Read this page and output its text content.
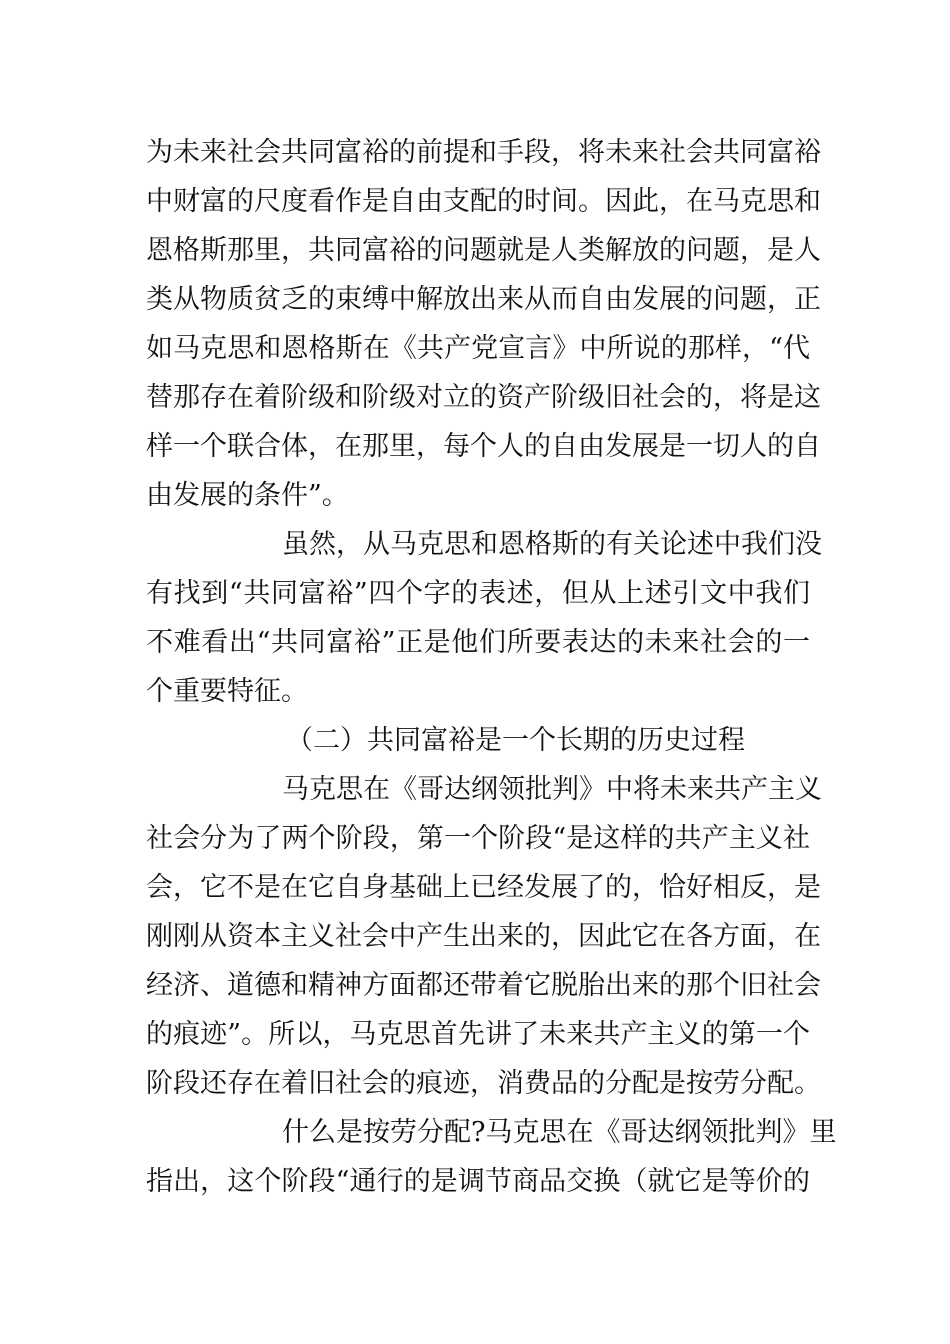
为未来社会共同富裕的前提和手段，将未来社会共同富裕
中财富的尺度看作是自由支配的时间。因此，在马克思和
恩格斯那里，共同富裕的问题就是人类解放的问题，是人
类从物质贫乏的束缚中解放出来从而自由发展的问题，正
如马克思和恩格斯在《共产党宣言》中所说的那样，“代
替那存在着阶级和阶级对立的资产阶级旧社会的，将是这
样一个联合体，在那里，每个人的自由发展是一切人的自
由发展的条件”。
虽然，从马克思和恩格斯的有关论述中我们没
有找到“共同富裕”四个字的表述，但从上述引文中我们
不难看出“共同富裕”正是他们所要表达的未来社会的一
个重要特征。
（二）共同富裕是一个长期的历史过程
马克思在《哥达纲领批判》中将未来共产主义
社会分为了两个阶段，第一个阶段“是这样的共产主义社
会，它不是在它自身基础上已经发展了的，恰好相反，是
刚刚从资本主义社会中产生出来的，因此它在各方面，在
经济、道德和精神方面都还带着它脱胎出来的那个旧社会
的痕迹”。所以，马克思首先讲了未来共产主义的第一个
阶段还存在着旧社会的痕迹，消费品的分配是按劳分配。
什么是按劳分配?马克思在《哥达纲领批判》里
指出，这个阶段“通行的是调节商品交换（就它是等价的
